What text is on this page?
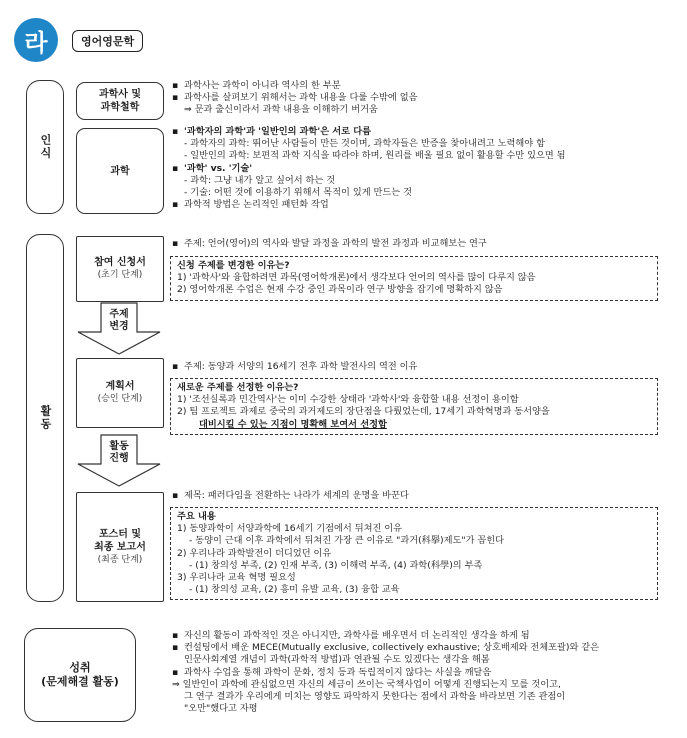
라	영어영문학
인식
활동
성취
(문제해결 활동)
과학사 및
과학철학
▪ 과학사는 과학이 아니라 역사의 한 부분
▪ 과학사를 살펴보기 위해서는 과학 내용을 다룰 수밖에 없음
⇒ 문과 출신이라서 과학 내용을 이해하기 버거움
과학
▪ '과학자의 과학'과 '일반인의 과학'은 서로 다름
- 과학자의 과학: 뛰어난 사람들이 만든 것이며, 과학자들은 반증을 찾아내려고 노력해야 함
- 일반인의 과학: 보편적 과학 지식을 따라야 하며, 원리를 배울 필요 없이 활용할 수만 있으면 됨
▪ '과학' vs. '기술'
- 과학: 그냥 내가 알고 싶어서 하는 것
- 기술: 어떤 것에 이용하기 위해서 목적이 있게 만드는 것
▪ 과학적 방법은 논리적인 패턴화 작업
참여 신청서
(초기 단계)
▪ 주제: 언어(영어)의 역사와 발달 과정을 과학의 발전 과정과 비교해보는 연구
신청 주제를 변경한 이유는?
1) '과학사'와 융합하려면 과목(영어학개론)에서 생각보다 언어의 역사를 많이 다루지 않음
2) 영어학개론 수업은 현재 수강 중인 과목이라 연구 방향을 잡기에 명확하지 않음
주제
변경
계획서
(승인 단계)
▪ 주제: 동양과 서양의 16세기 전후 과학 발전사의 역전 이유
새로운 주제를 선정한 이유는?
1) '조선실록과 민간역사'는 이미 수강한 상태라 '과학사'와 융합할 내용 선정이 용이함
2) 팀 프로젝트 과제로 중국의 과거제도의 장단점을 다뤘었는데, 17세기 과학혁명과 동서양을
대비시킬 수 있는 지점이 명확해 보여서 선정함
활동
진행
포스터 및
최종 보고서
(최종 단계)
▪ 제목: 패러다임을 전환하는 나라가 세계의 운명을 바꾼다
주요 내용
1) 동양과학이 서양과학에 16세기 기점에서 뒤쳐진 이유
- 동양이 근대 이후 과학에서 뒤쳐진 가장 큰 이유로 "과거(科擧)제도"가 꼽힌다
2) 우리나라 과학발전이 더디었던 이유
- (1) 창의성 부족, (2) 인재 부족, (3) 이해력 부족, (4) 과학(科學)의 부족
3) 우리나라 교육 혁명 필요성
- (1) 창의성 교육, (2) 흥미 유발 교육, (3) 융합 교육
▪ 자신의 활동이 과학적인 것은 아니지만, 과학사를 배우면서 더 논리적인 생각을 하게 됨
▪ 컨설팅에서 배운 MECE(Mutually exclusive, collectively exhaustive; 상호배제와 전체포괄)와 같은
인문사회계열 개념이 과학(과학적 방법)과 연관될 수도 있겠다는 생각을 해봄
▪ 과학사 수업을 통해 과학이 문화, 정치 등과 독립적이지 않다는 사실을 깨달음
⇒ 일반인이 과학에 관심없으면 자신의 세금이 쓰이는 국책사업이 어떻게 진행되는지 모를 것이고,
그 연구 결과가 우리에게 미치는 영향도 파악하지 못한다는 점에서 과학을 바라보면 기존 관점이
"오만"했다고 자평
